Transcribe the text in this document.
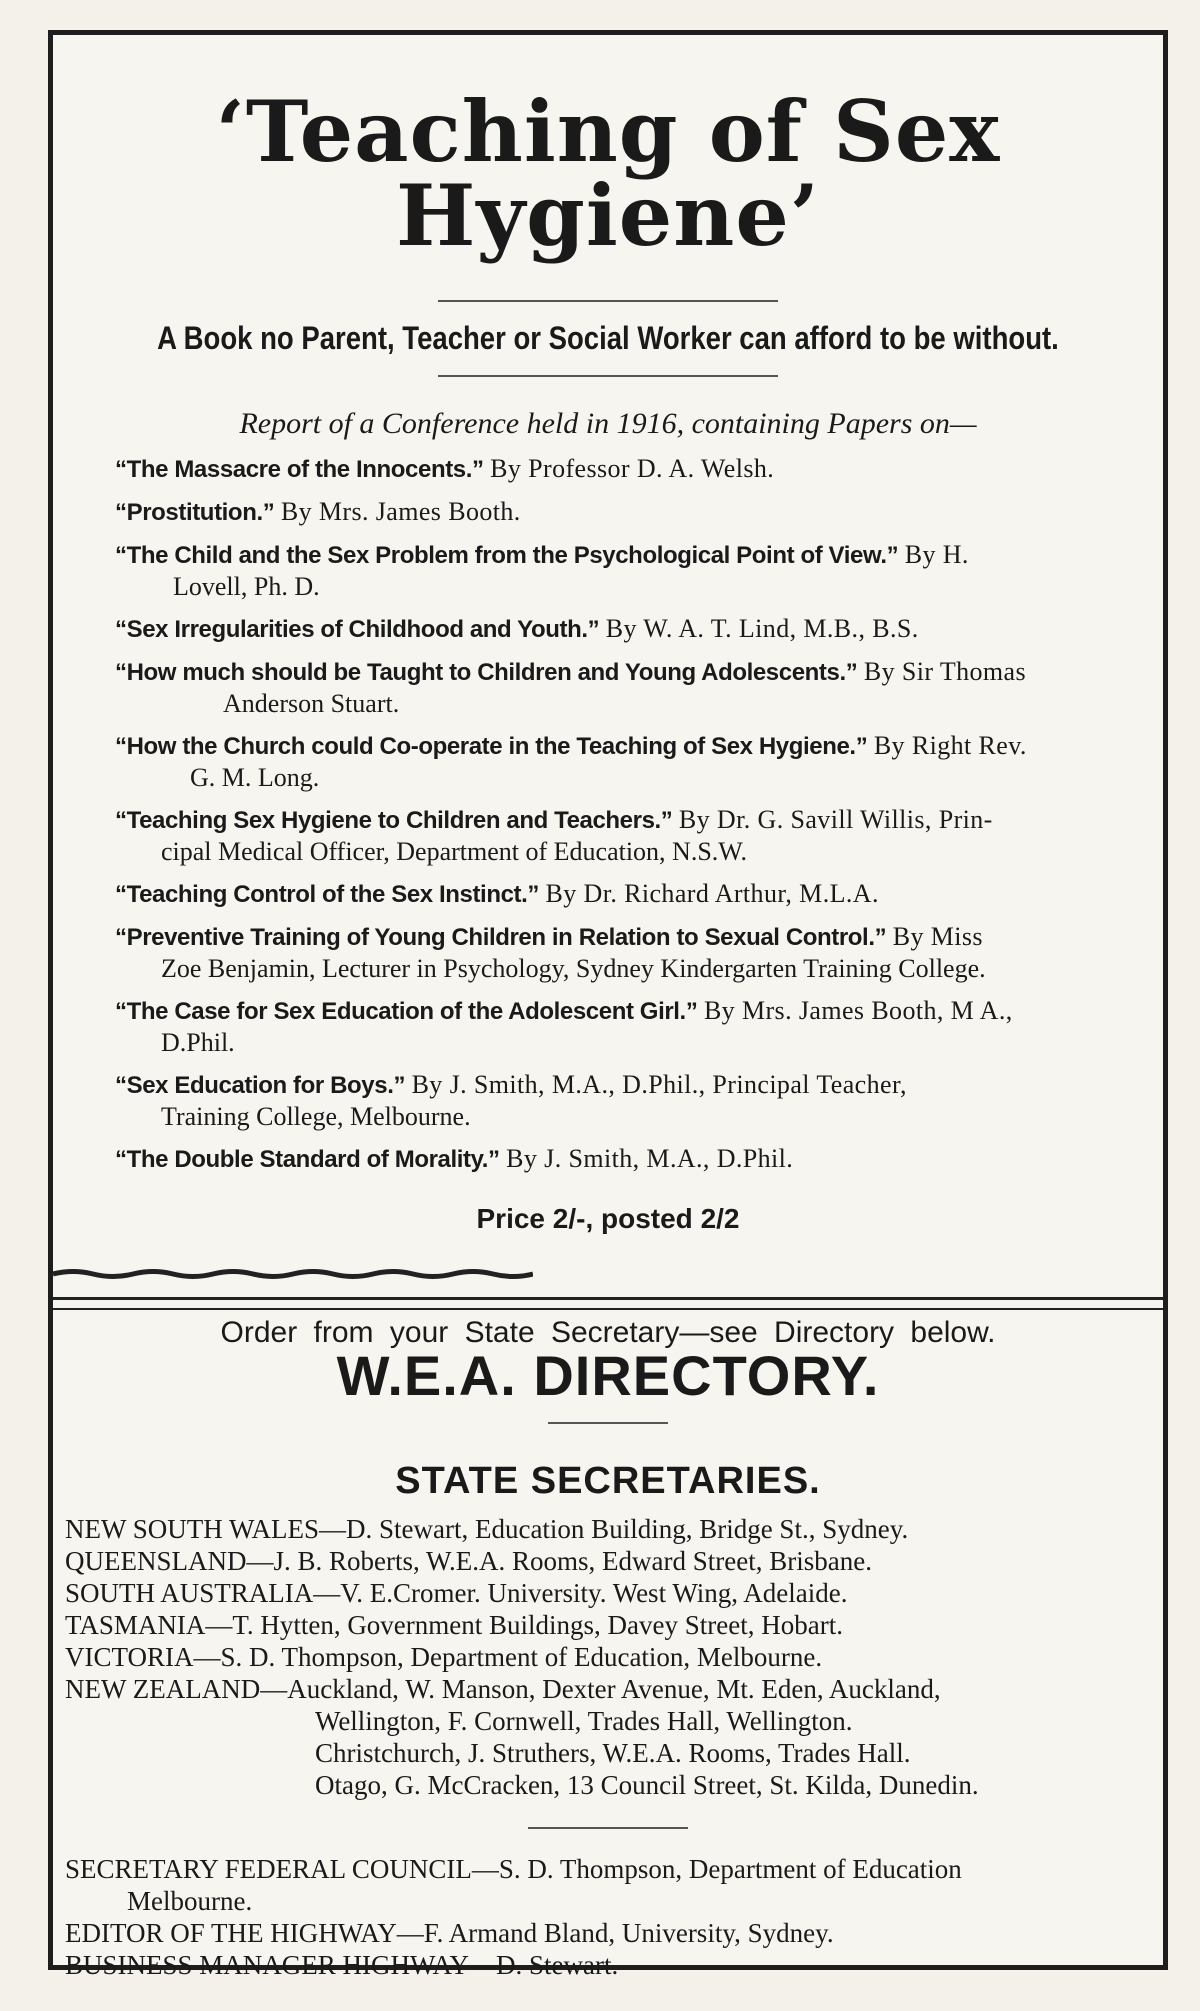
‘Teaching of Sex Hygiene’
A Book no Parent, Teacher or Social Worker can afford to be without.
Report of a Conference held in 1916, containing Papers on—
“The Massacre of the Innocents.” By Professor D. A. Welsh.
“Prostitution.” By Mrs. James Booth.
“The Child and the Sex Problem from the Psychological Point of View.” By H.
Lovell, Ph. D.
“Sex Irregularities of Childhood and Youth.” By W. A. T. Lind, M.B., B.S.
“How much should be Taught to Children and Young Adolescents.” By Sir Thomas
Anderson Stuart.
“How the Church could Co-operate in the Teaching of Sex Hygiene.” By Right Rev.
G. M. Long.
“Teaching Sex Hygiene to Children and Teachers.” By Dr. G. Savill Willis, Prin-
cipal Medical Officer, Department of Education, N.S.W.
“Teaching Control of the Sex Instinct.” By Dr. Richard Arthur, M.L.A.
“Preventive Training of Young Children in Relation to Sexual Control.” By Miss
Zoe Benjamin, Lecturer in Psychology, Sydney Kindergarten Training College.
“The Case for Sex Education of the Adolescent Girl.” By Mrs. James Booth, M A.,
D.Phil.
“Sex Education for Boys.” By J. Smith, M.A., D.Phil., Principal Teacher,
Training College, Melbourne.
“The Double Standard of Morality.” By J. Smith, M.A., D.Phil.
Price 2/-, posted 2/2
Order from your State Secretary—see Directory below.
W.E.A. DIRECTORY.
STATE SECRETARIES.
NEW SOUTH WALES—D. Stewart, Education Building, Bridge St., Sydney.
QUEENSLAND—J. B. Roberts, W.E.A. Rooms, Edward Street, Brisbane.
SOUTH AUSTRALIA—V. E.Cromer. University. West Wing, Adelaide.
TASMANIA—T. Hytten, Government Buildings, Davey Street, Hobart.
VICTORIA—S. D. Thompson, Department of Education, Melbourne.
NEW ZEALAND—Auckland, W. Manson, Dexter Avenue, Mt. Eden, Auckland,
Wellington, F. Cornwell, Trades Hall, Wellington.
Christchurch, J. Struthers, W.E.A. Rooms, Trades Hall.
Otago, G. McCracken, 13 Council Street, St. Kilda, Dunedin.
SECRETARY FEDERAL COUNCIL—S. D. Thompson, Department of Education
Melbourne.
EDITOR OF THE HIGHWAY—F. Armand Bland, University, Sydney.
BUSINESS MANAGER HIGHWAY—D. Stewart.
